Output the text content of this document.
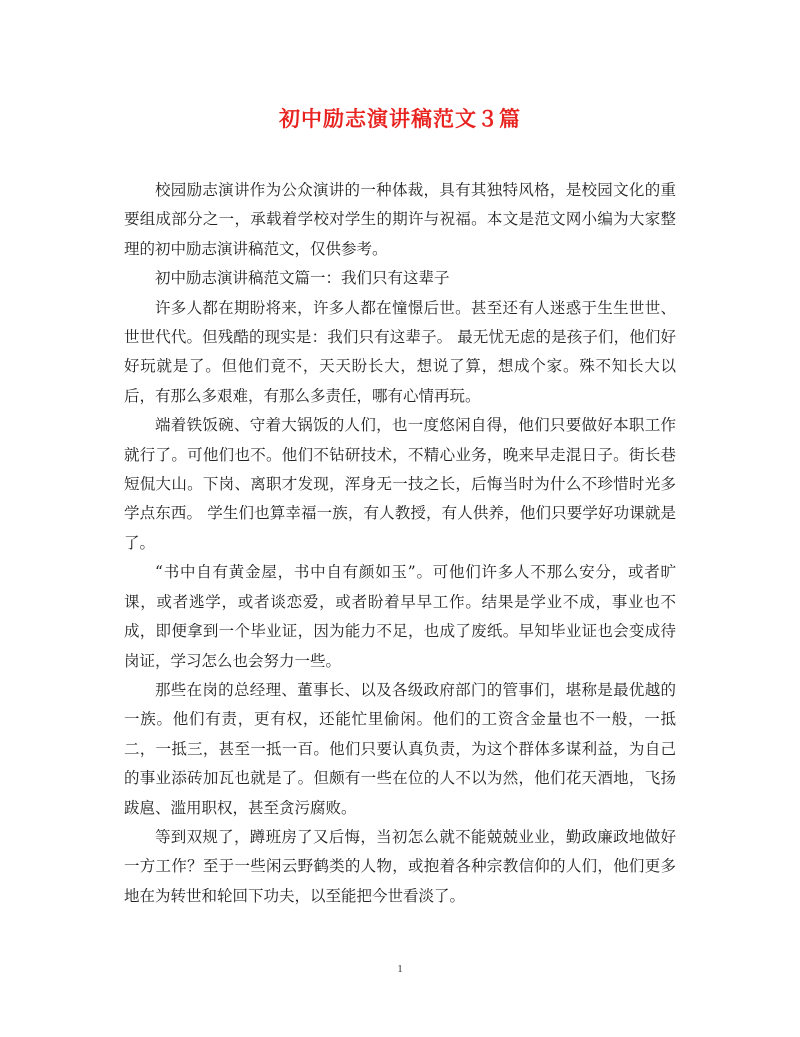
初中励志演讲稿范文３篇

校园励志演讲作为公众演讲的一种体裁，具有其独特风格，是校园文化的重要组成部分之一，承载着学校对学生的期许与祝福。本文是范文网小编为大家整理的初中励志演讲稿范文，仅供参考。

初中励志演讲稿范文篇一：我们只有这辈子

许多人都在期盼将来，许多人都在憧憬后世。甚至还有人迷惑于生生世世、世世代代。但残酷的现实是：我们只有这辈子。 最无忧无虑的是孩子们，他们好好玩就是了。但他们竟不，天天盼长大，想说了算，想成个家。殊不知长大以后，有那么多艰难，有那么多责任，哪有心情再玩。

端着铁饭碗、守着大锅饭的人们，也一度悠闲自得，他们只要做好本职工作就行了。可他们也不。他们不钻研技术，不精心业务，晚来早走混日子。街长巷短侃大山。下岗、离职才发现，浑身无一技之长，后悔当时为什么不珍惜时光多学点东西。 学生们也算幸福一族，有人教授，有人供养，他们只要学好功课就是了。

“书中自有黄金屋，书中自有颜如玉”。可他们许多人不那么安分，或者旷课，或者逃学，或者谈恋爱，或者盼着早早工作。结果是学业不成，事业也不成，即便拿到一个毕业证，因为能力不足，也成了废纸。早知毕业证也会变成待岗证，学习怎么也会努力一些。

那些在岗的总经理、董事长、以及各级政府部门的管事们，堪称是最优越的一族。他们有责，更有权，还能忙里偷闲。他们的工资含金量也不一般，一抵二，一抵三，甚至一抵一百。他们只要认真负责，为这个群体多谋利益，为自己的事业添砖加瓦也就是了。但颇有一些在位的人不以为然，他们花天酒地，飞扬跋扈、滥用职权，甚至贪污腐败。

等到双规了，蹲班房了又后悔，当初怎么就不能兢兢业业，勤政廉政地做好一方工作？至于一些闲云野鹤类的人物，或抱着各种宗教信仰的人们，他们更多地在为转世和轮回下功夫，以至能把今世看淡了。

1
